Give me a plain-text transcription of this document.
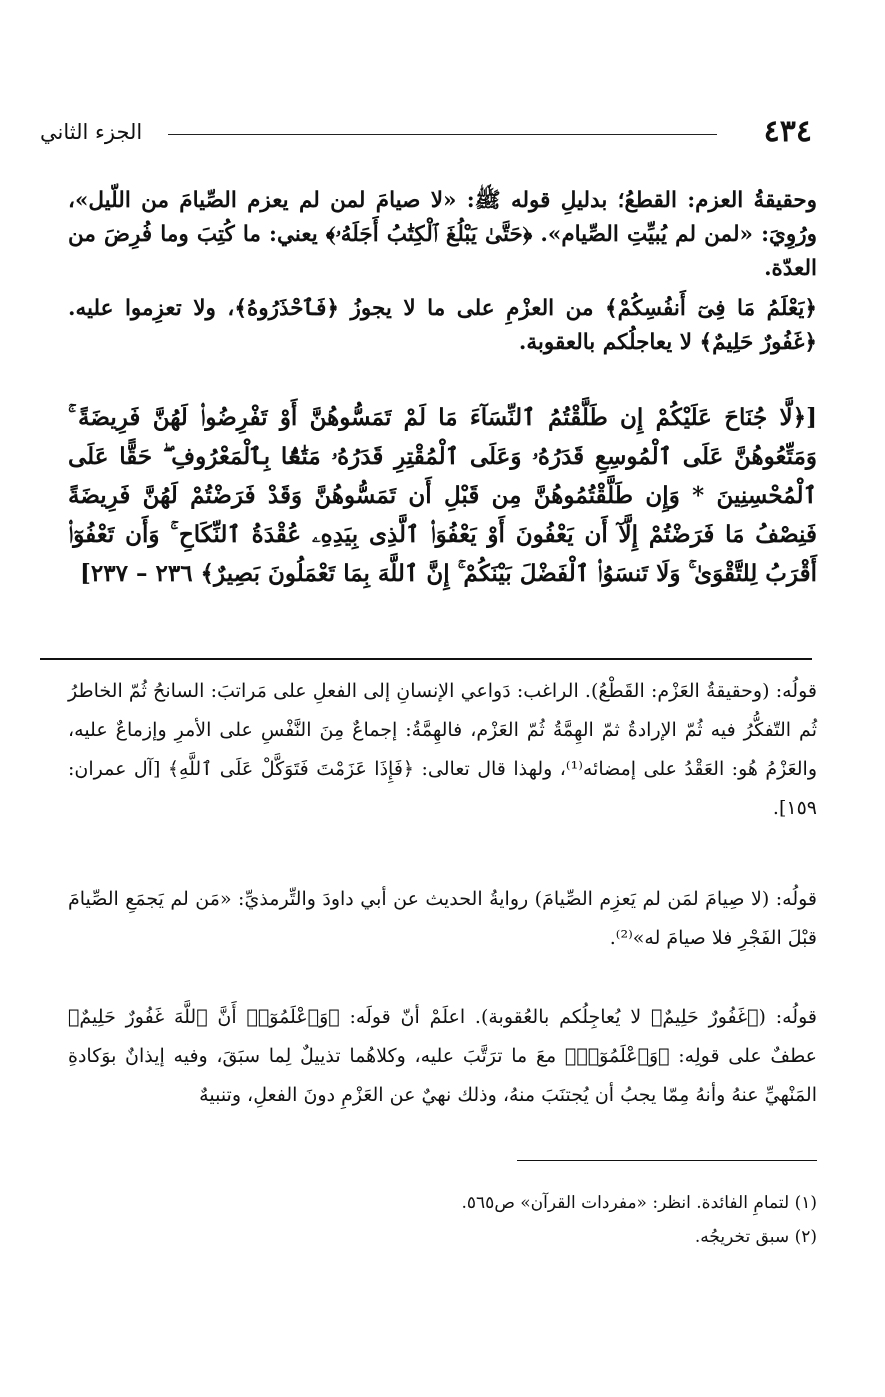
٤٣٤
الجزء الثاني

وحقيقةُ العزم: القطعُ؛ بدليلِ قوله ﷺ: «لا صيامَ لمن لم يعزم الصِّيامَ من اللّيل»، ورُوِيَ: «لمن لم يُبيِّتِ الصِّيام». ﴿حَتَّىٰ يَبْلُغَ ٱلْكِتَٰبُ أَجَلَهُۥ﴾ يعني: ما كُتِبَ وما فُرِضَ من العدّة.

﴿يَعْلَمُ مَا فِىٓ أَنفُسِكُمْ﴾ من العزْمِ على ما لا يجوزُ ﴿فَٱحْذَرُوهُ﴾، ولا تعزِموا عليه. ﴿غَفُورٌ حَلِيمٌ﴾ لا يعاجلُكم بالعقوبة.

[﴿لَّا جُنَاحَ عَلَيْكُمْ إِن طَلَّقْتُمُ ٱلنِّسَآءَ مَا لَمْ تَمَسُّوهُنَّ أَوْ تَفْرِضُوا۟ لَهُنَّ فَرِيضَةً ۚ وَمَتِّعُوهُنَّ عَلَى ٱلْمُوسِعِ قَدَرُهُۥ وَعَلَى ٱلْمُقْتِرِ قَدَرُهُۥ مَتَٰعًۢا بِٱلْمَعْرُوفِ ۖ حَقًّا عَلَى ٱلْمُحْسِنِينَ * وَإِن طَلَّقْتُمُوهُنَّ مِن قَبْلِ أَن تَمَسُّوهُنَّ وَقَدْ فَرَضْتُمْ لَهُنَّ فَرِيضَةً فَنِصْفُ مَا فَرَضْتُمْ إِلَّآ أَن يَعْفُونَ أَوْ يَعْفُوَا۟ ٱلَّذِى بِيَدِهِۦ عُقْدَةُ ٱلنِّكَاحِ ۚ وَأَن تَعْفُوٓا۟ أَقْرَبُ لِلتَّقْوَىٰ ۚ وَلَا تَنسَوُا۟ ٱلْفَضْلَ بَيْنَكُمْ ۚ إِنَّ ٱللَّهَ بِمَا تَعْمَلُونَ بَصِيرٌ﴾ ٢٣٦ – ٢٣٧]

قولُه: (وحقيقةُ العَزْم: القَطْعُ). الراغب: دَواعي الإنسانِ إلى الفعلِ على مَراتبَ: السانحُ ثُمّ الخاطرُ ثُم التّفكُّرُ فيه ثُمّ الإرادةُ ثمّ الهِمَّةُ ثُمّ العَزْم، فالهِمَّةُ: إجماعٌ مِنَ النَّفْسِ على الأمرِ وإزماعٌ عليه، والعَزْمُ هُو: العَقْدُ على إمضائه⁽¹⁾، ولهذا قال تعالى: ﴿فَإِذَا عَزَمْتَ فَتَوَكَّلْ عَلَى ٱللَّهِ﴾ [آل عمران: ١٥٩].

قولُه: (لا صِيامَ لمَن لم يَعزِم الصِّيامَ) روايةُ الحديث عن أبي داودَ والتِّرمذيِّ: «مَن لم يَجمَعِ الصِّيامَ قبْلَ الفَجْرِ فلا صيامَ له»⁽²⁾.

قولُه: (﴿غَفُورٌ حَلِيمٌ﴾ لا يُعاجِلُكم بالعُقوبة). اعلَمْ أنّ قولَه: ﴿وَٱعْلَمُوٓا۟ أَنَّ ٱللَّهَ غَفُورٌ حَلِيمٌ﴾ عطفٌ على قولِه: ﴿وَٱعْلَمُوٓا۟﴾ معَ ما ترَتَّبَ عليه، وكلاهُما تذييلٌ لِما سبَقَ، وفيه إيذانٌ بوَكادةِ المَنْهيِّ عنهُ وأنهُ مِمّا يجبُ أن يُجتنَبَ منهُ، وذلك نهيٌ عن العَزْمِ دونَ الفعلِ، وتنبيهٌ

(١) لتمامِ الفائدة. انظر: «مفردات القرآن» ص٥٦٥.

(٢) سبق تخريجُه.
